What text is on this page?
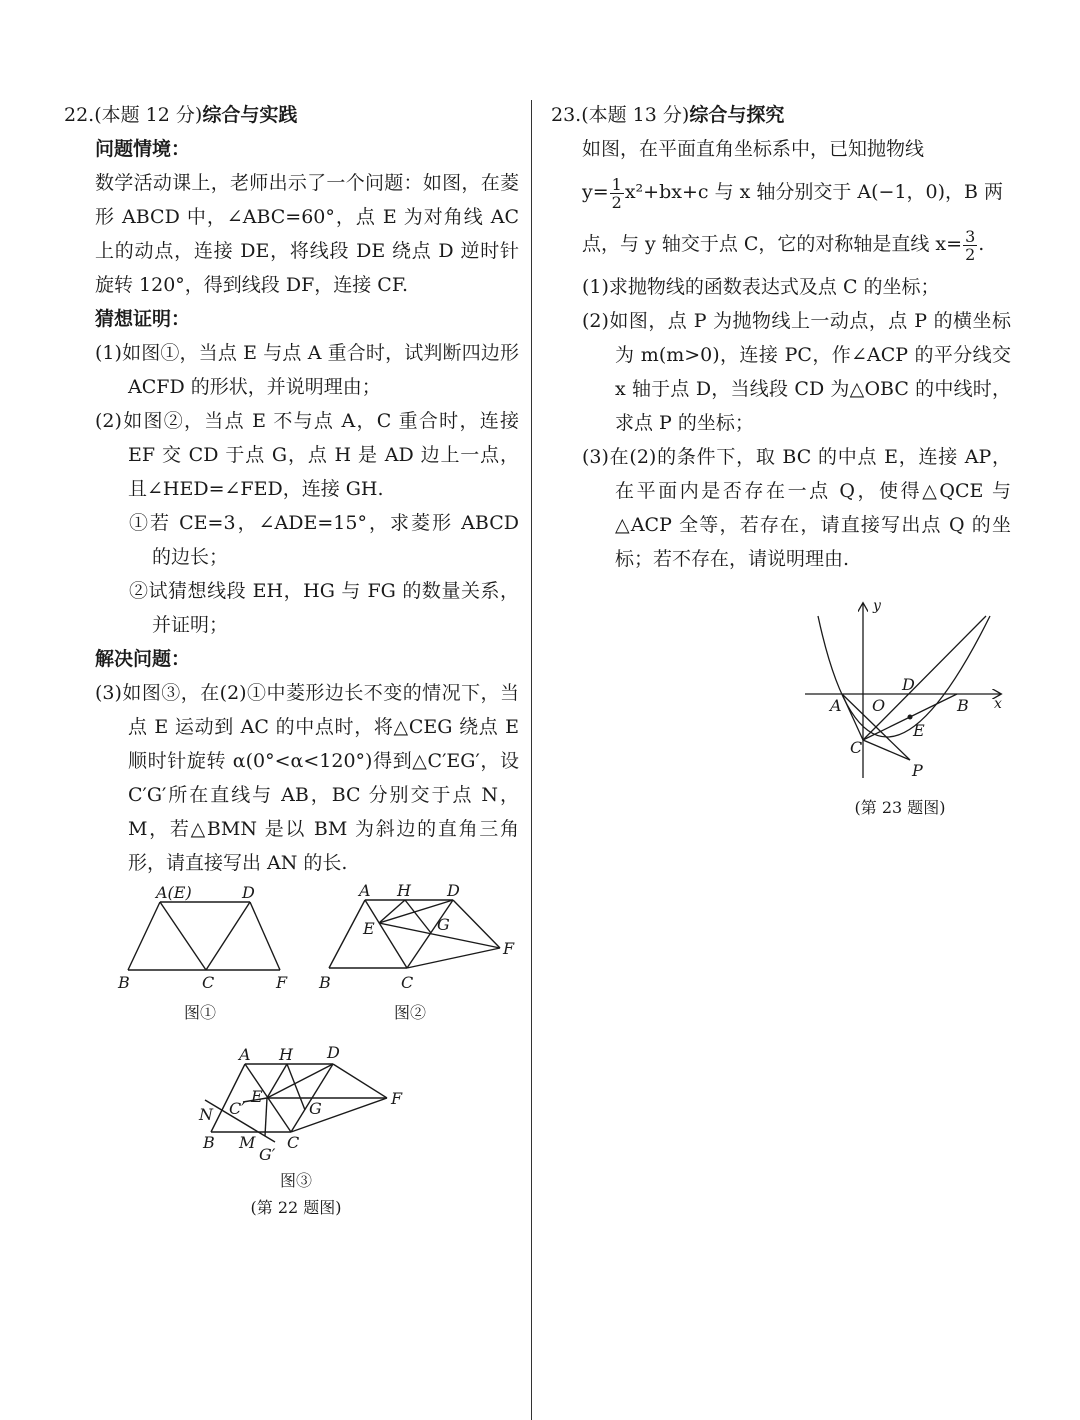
22.(本题 12 分)综合与实践

问题情境：
数学活动课上，老师出示了一个问题：如图，在菱形 ABCD 中，∠ABC=60°，点 E 为对角线 AC 上的动点，连接 DE，将线段 DE 绕点 D 逆时针旋转 120°，得到线段 DF，连接 CF.
猜想证明：
(1)如图①，当点 E 与点 A 重合时，试判断四边形 ACFD 的形状，并说明理由；
(2)如图②，当点 E 不与点 A，C 重合时，连接 EF 交 CD 于点 G，点 H 是 AD 边上一点，且∠HED=∠FED，连接 GH.
①若 CE=3，∠ADE=15°，求菱形 ABCD 的边长；
②试猜想线段 EH，HG 与 FG 的数量关系，并证明；
解决问题：
(3)如图③，在(2)①中菱形边长不变的情况下，当点 E 运动到 AC 的中点时，将△CEG 绕点 E 顺时针旋转 α(0°<α<120°)得到△C′EG′，设 C′G′所在直线与 AB，BC 分别交于点 N，M，若△BMN 是以 BM 为斜边的直角三角形，请直接写出 AN 的长.
A(E)	D
B	C	F
图①
A H D
E	G
F
B	C
图②
A H D
N C′
E
G
F
B M
G′
C
图③
(第 22 题图)

23.(本题 13 分)综合与探究

如图，在平面直角坐标系中，已知抛物线
$y= \frac{1}{2} x^2+bx+c$ 与 x 轴分别交于 A(−1，0)，B 两
点，与 y 轴交于点 C，它的对称轴是直线 $x= \frac{3}{2}$ .
(1)求抛物线的函数表达式及点 C 的坐标；
(2)如图，点 P 为抛物线上一动点，点 P 的横坐标为 m(m>0)，连接 PC，作∠ACP 的平分线交 x 轴于点 D，当线段 CD 为△OBC 的中线时，求点 P 的坐标；
(3)在(2)的条件下，取 BC 的中点 E，连接 AP，在平面内是否存在一点 Q，使得△QCE 与△ACP 全等，若存在，请直接写出点 Q 的坐标；若不存在，请说明理由.
y
x
D
A O	B
E
C
P
(第 23 题图)
